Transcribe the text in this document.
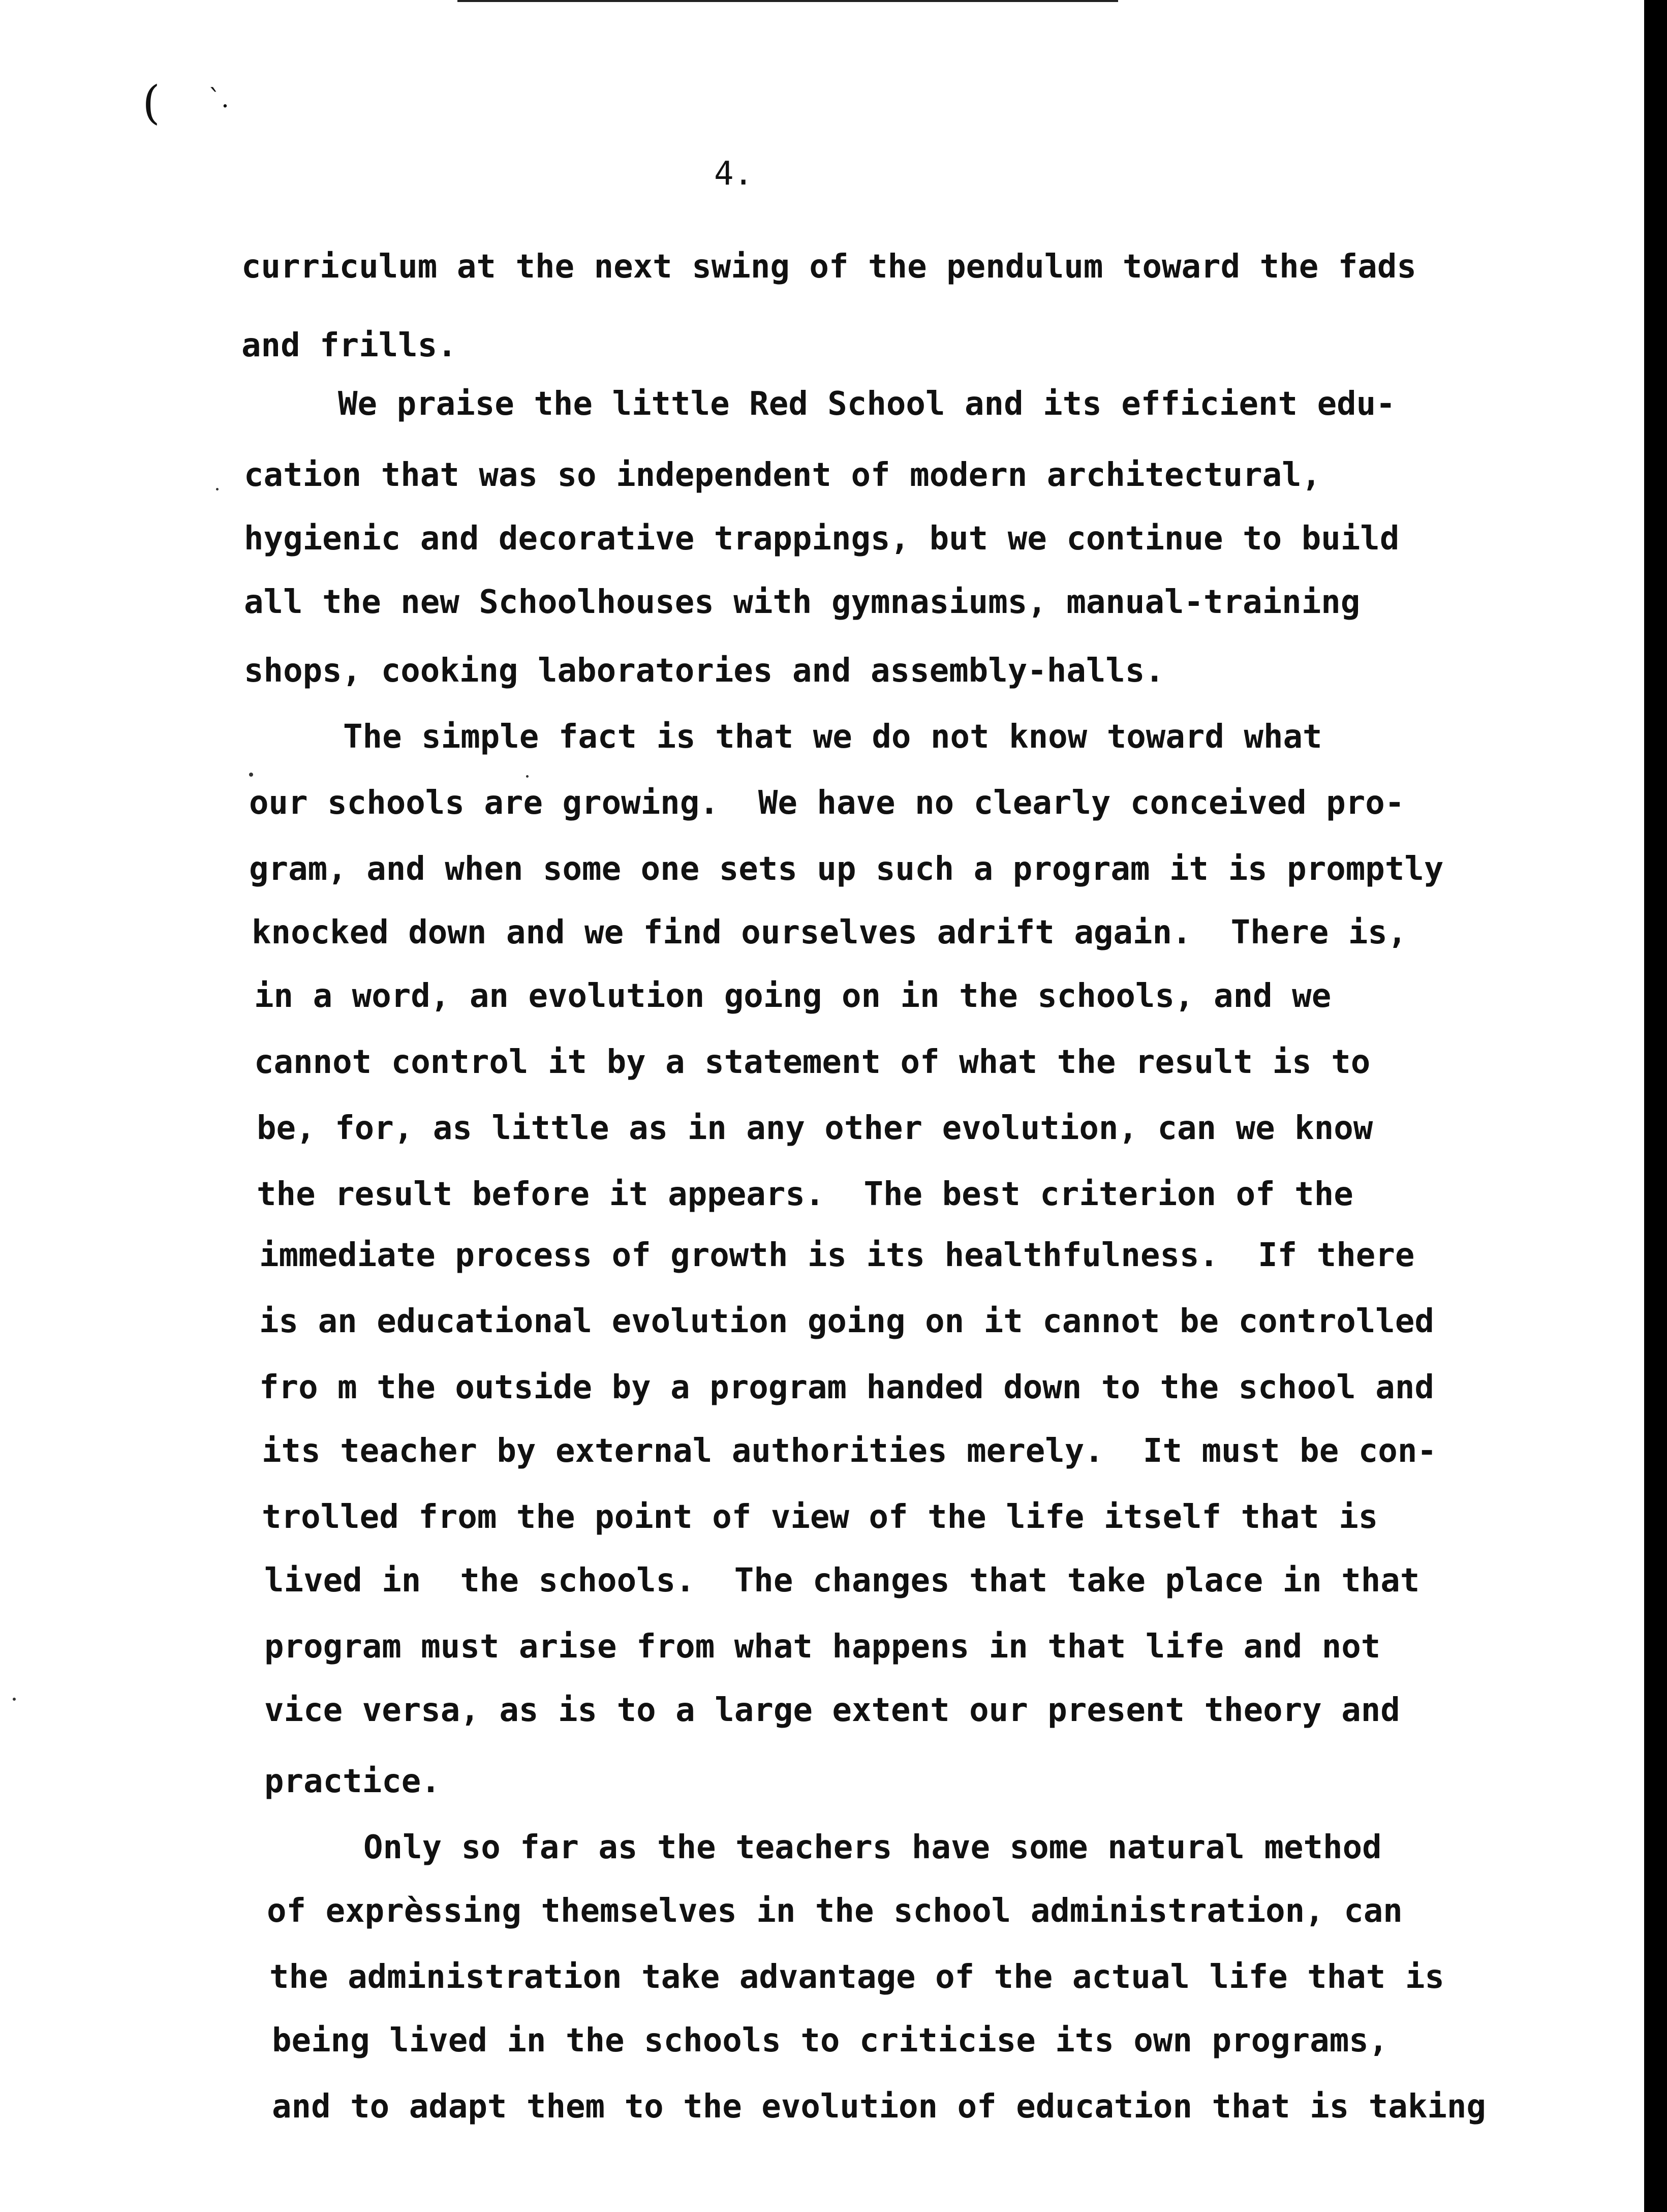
( `.
4.
curriculum at the next swing of the pendulum toward the fads
and frills.
We praise the little Red School and its efficient edu-
cation that was so independent of modern architectural,
hygienic and decorative trappings, but we continue to build
all the new Schoolhouses with gymnasiums, manual-training
shops, cooking laboratories and assembly-halls.
The simple fact is that we do not know toward what
our schools are growing.  We have no clearly conceived pro-
gram, and when some one sets up such a program it is promptly
knocked down and we find ourselves adrift again.  There is,
in a word, an evolution going on in the schools, and we
cannot control it by a statement of what the result is to
be, for, as little as in any other evolution, can we know
the result before it appears.  The best criterion of the
immediate process of growth is its healthfulness.  If there
is an educational evolution going on it cannot be controlled
fro m the outside by a program handed down to the school and
its teacher by external authorities merely.  It must be con-
trolled from the point of view of the life itself that is
lived in  the schools.  The changes that take place in that
program must arise from what happens in that life and not
vice versa, as is to a large extent our present theory and
practice.
Only so far as the teachers have some natural method
of exprèssing themselves in the school administration, can
the administration take advantage of the actual life that is
being lived in the schools to criticise its own programs,
and to adapt them to the evolution of education that is taking
